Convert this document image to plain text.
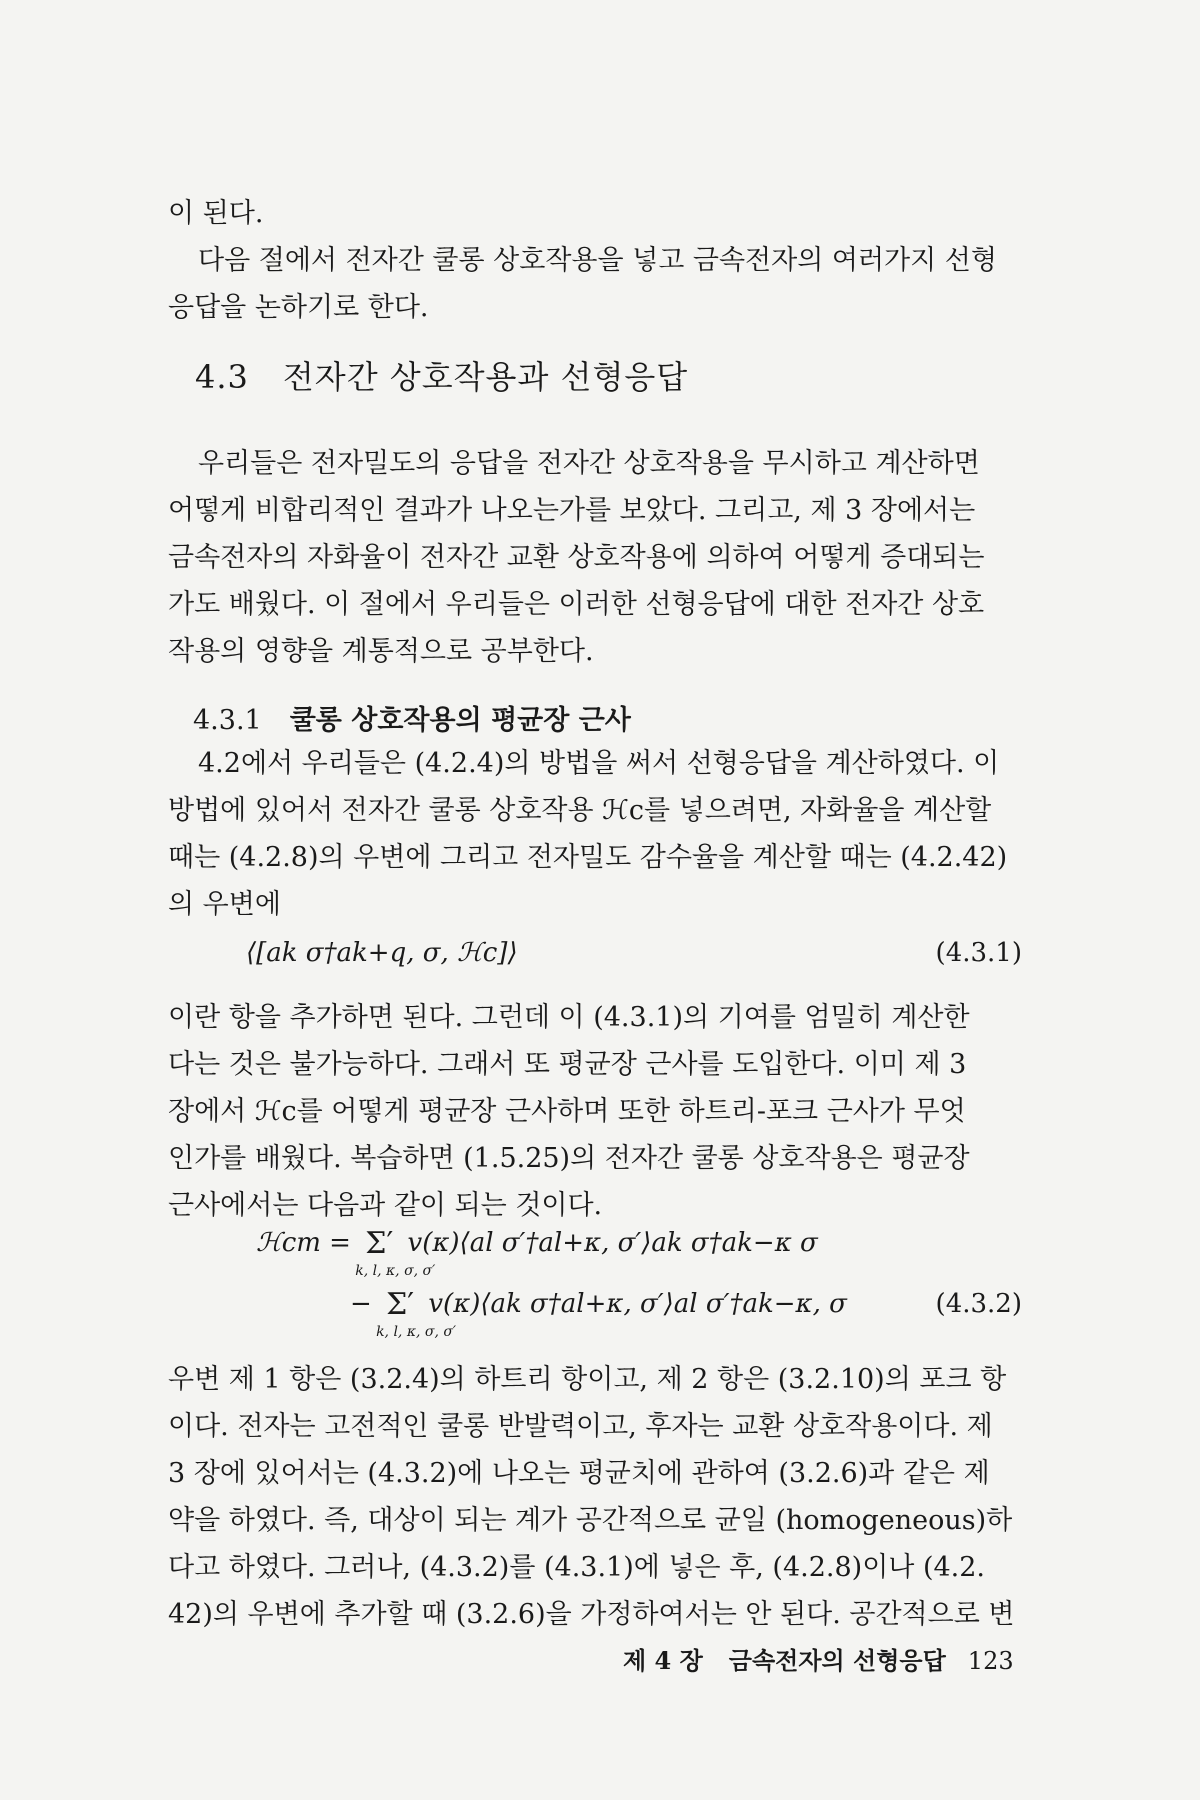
이 된다.
다음 절에서 전자간 쿨롱 상호작용을 넣고 금속전자의 여러가지 선형
응답을 논하기로 한다.
4.3 전자간 상호작용과 선형응답
우리들은 전자밀도의 응답을 전자간 상호작용을 무시하고 계산하면
어떻게 비합리적인 결과가 나오는가를 보았다. 그리고, 제 3 장에서는
금속전자의 자화율이 전자간 교환 상호작용에 의하여 어떻게 증대되는
가도 배웠다. 이 절에서 우리들은 이러한 선형응답에 대한 전자간 상호
작용의 영향을 계통적으로 공부한다.
4.3.1 쿨롱 상호작용의 평균장 근사
4.2에서 우리들은 (4.2.4)의 방법을 써서 선형응답을 계산하였다. 이
방법에 있어서 전자간 쿨롱 상호작용 ℋc를 넣으려면, 자화율을 계산할
때는 (4.2.8)의 우변에 그리고 전자밀도 감수율을 계산할 때는 (4.2.42)
의 우변에
⟨[ak σ†ak+q, σ, ℋc]⟩	(4.3.1)
이란 항을 추가하면 된다. 그런데 이 (4.3.1)의 기여를 엄밀히 계산한
다는 것은 불가능하다. 그래서 또 평균장 근사를 도입한다. 이미 제 3
장에서 ℋc를 어떻게 평균장 근사하며 또한 하트리-포크 근사가 무엇
인가를 배웠다. 복습하면 (1.5.25)의 전자간 쿨롱 상호작용은 평균장
근사에서는 다음과 같이 되는 것이다.
ℋcm = Σ′
k, l, κ, σ, σ′
v(κ)⟨al σ′†al+κ, σ′⟩ak σ†ak−κ σ
− Σ′
k, l, κ, σ, σ′
v(κ)⟨ak σ†al+κ, σ′⟩al σ′†ak−κ, σ	(4.3.2)
우변 제 1 항은 (3.2.4)의 하트리 항이고, 제 2 항은 (3.2.10)의 포크 항
이다. 전자는 고전적인 쿨롱 반발력이고, 후자는 교환 상호작용이다. 제
3 장에 있어서는 (4.3.2)에 나오는 평균치에 관하여 (3.2.6)과 같은 제
약을 하였다. 즉, 대상이 되는 계가 공간적으로 균일 (homogeneous)하
다고 하였다. 그러나, (4.3.2)를 (4.3.1)에 넣은 후, (4.2.8)이나 (4.2.
42)의 우변에 추가할 때 (3.2.6)을 가정하여서는 안 된다. 공간적으로 변
제 4 장 금속전자의 선형응답 123
